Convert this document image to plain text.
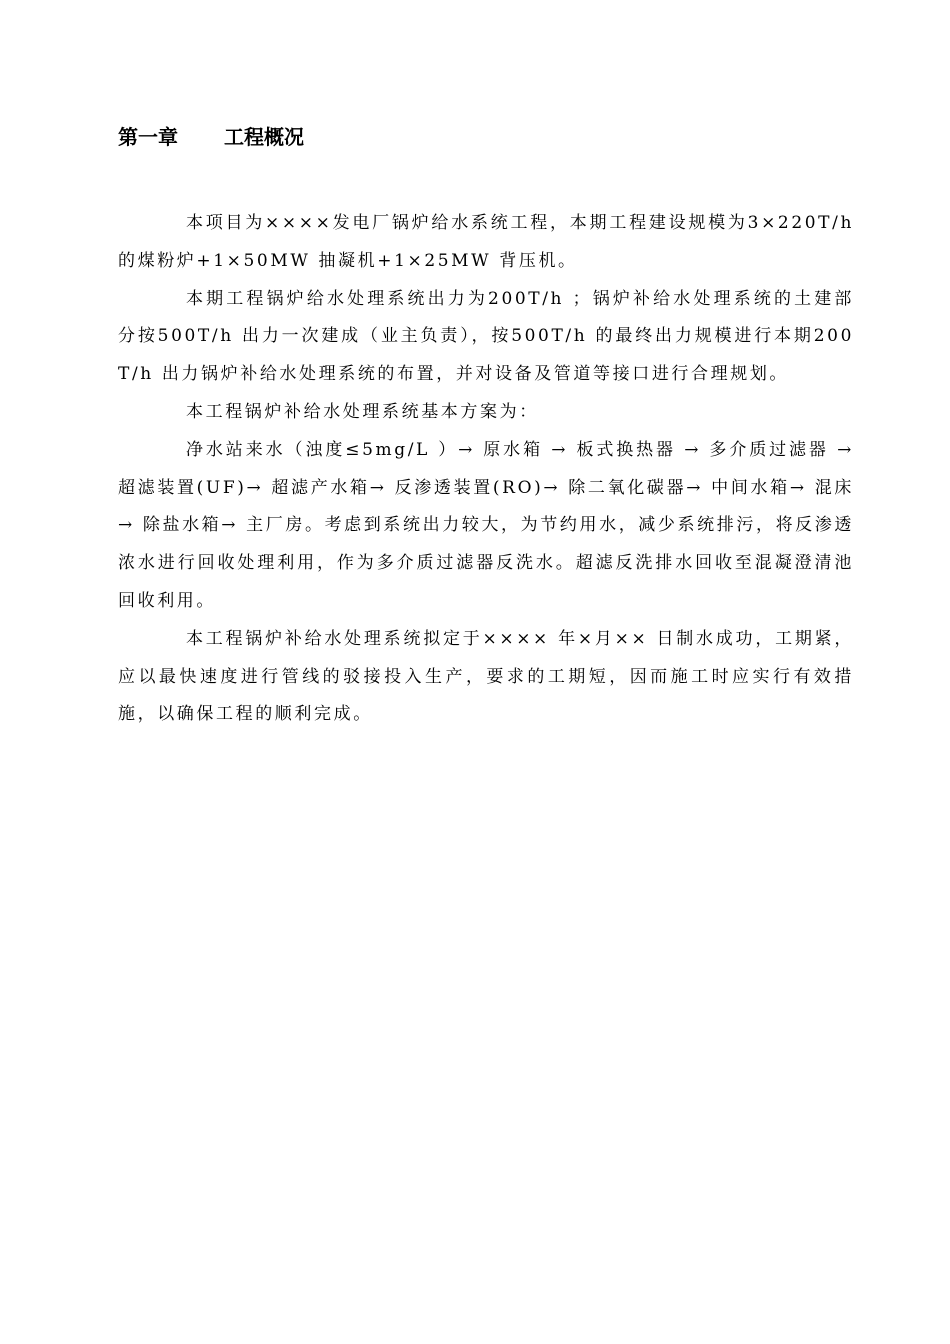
第一章 工程概况

本项目为××××发电厂锅炉给水系统工程，本期工程建设规模为3×220T/h 的煤粉炉+1×50MW 抽凝机+1×25MW 背压机。

本期工程锅炉给水处理系统出力为200T/h ；锅炉补给水处理系统的土建部分按500T/h 出力一次建成（业主负责），按500T/h 的最终出力规模进行本期200T/h 出力锅炉补给水处理系统的布置，并对设备及管道等接口进行合理规划。

本工程锅炉补给水处理系统基本方案为：

净水站来水（浊度≤5mg/L ）→ 原水箱 → 板式换热器 → 多介质过滤器 → 超滤装置(UF)→ 超滤产水箱→ 反渗透装置(RO)→ 除二氧化碳器→ 中间水箱→ 混床→ 除盐水箱→ 主厂房。考虑到系统出力较大，为节约用水，减少系统排污，将反渗透浓水进行回收处理利用，作为多介质过滤器反洗水。超滤反洗排水回收至混凝澄清池回收利用。

本工程锅炉补给水处理系统拟定于×××× 年×月×× 日制水成功，工期紧，应以最快速度进行管线的驳接投入生产，要求的工期短，因而施工时应实行有效措施，以确保工程的顺利完成。
